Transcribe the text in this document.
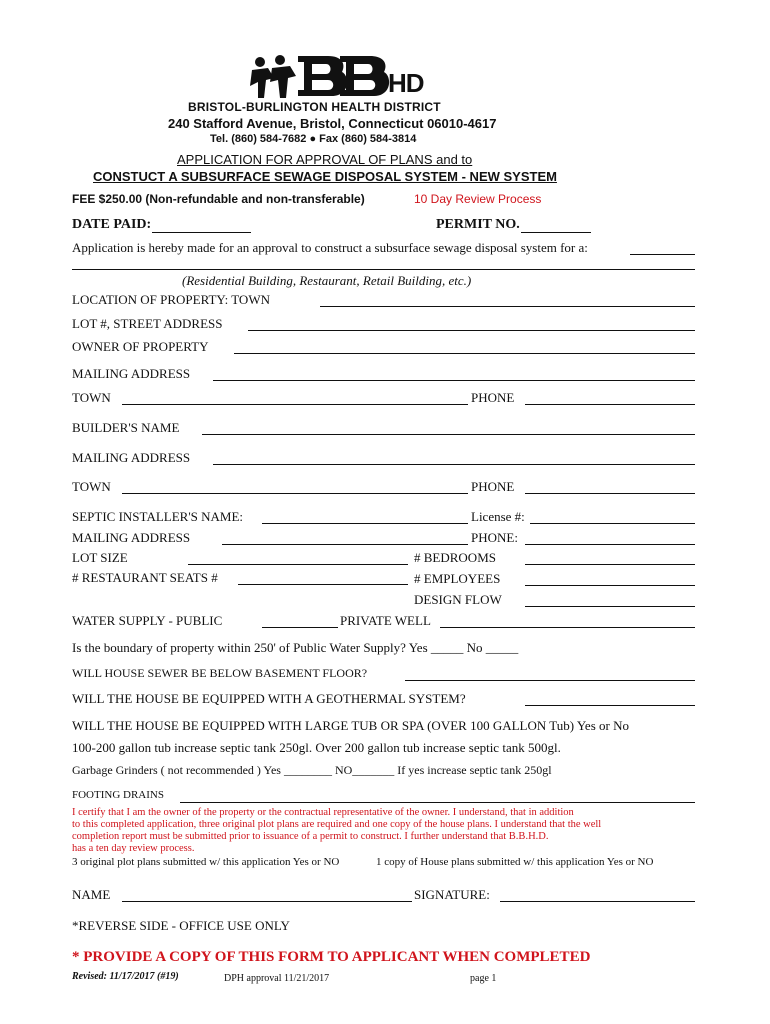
HD
BRISTOL-BURLINGTON HEALTH DISTRICT
240 Stafford Avenue, Bristol, Connecticut 06010-4617
Tel. (860) 584-7682 ● Fax (860) 584-3814
APPLICATION FOR APPROVAL OF PLANS and to
CONSTUCT A SUBSURFACE SEWAGE DISPOSAL SYSTEM - NEW SYSTEM
FEE $250.00 (Non-refundable and non-transferable)	10 Day Review Process
DATE PAID:	PERMIT NO.
Application is hereby made for an approval to construct a subsurface sewage disposal system for a:
(Residential Building, Restaurant, Retail Building, etc.)
LOCATION OF PROPERTY: TOWN
LOT #, STREET ADDRESS
OWNER OF PROPERTY
MAILING ADDRESS
TOWN	PHONE
BUILDER'S NAME
MAILING ADDRESS
TOWN	PHONE
SEPTIC INSTALLER'S NAME:	License #:
MAILING ADDRESS	PHONE:
LOT SIZE	# BEDROOMS
# RESTAURANT SEATS #	# EMPLOYEES
DESIGN FLOW
WATER SUPPLY - PUBLIC	PRIVATE WELL
Is the boundary of property within 250' of Public Water Supply? Yes _____ No _____
WILL HOUSE SEWER BE BELOW BASEMENT FLOOR?
WILL THE HOUSE BE EQUIPPED WITH A GEOTHERMAL SYSTEM?
WILL THE HOUSE BE EQUIPPED WITH LARGE TUB OR SPA (OVER 100 GALLON Tub) Yes or No
100-200 gallon tub increase septic tank 250gl. Over 200 gallon tub increase septic tank 500gl.
Garbage Grinders ( not recommended ) Yes ________ NO_______ If yes increase septic tank 250gl
FOOTING DRAINS
I certify that I am the owner of the property or the contractual representative of the owner. I understand, that in addition
to this completed application, three original plot plans are required and one copy of the house plans. I understand that the well
completion report must be submitted prior to issuance of a permit to construct. I further understand that B.B.H.D.
has a ten day review process.
3 original plot plans submitted w/ this application Yes or NO	1 copy of House plans submitted w/ this application Yes or NO
NAME	SIGNATURE:
*REVERSE SIDE - OFFICE USE ONLY
* PROVIDE A COPY OF THIS FORM TO APPLICANT WHEN COMPLETED
Revised: 11/17/2017 (#19)	DPH approval 11/21/2017	page 1
